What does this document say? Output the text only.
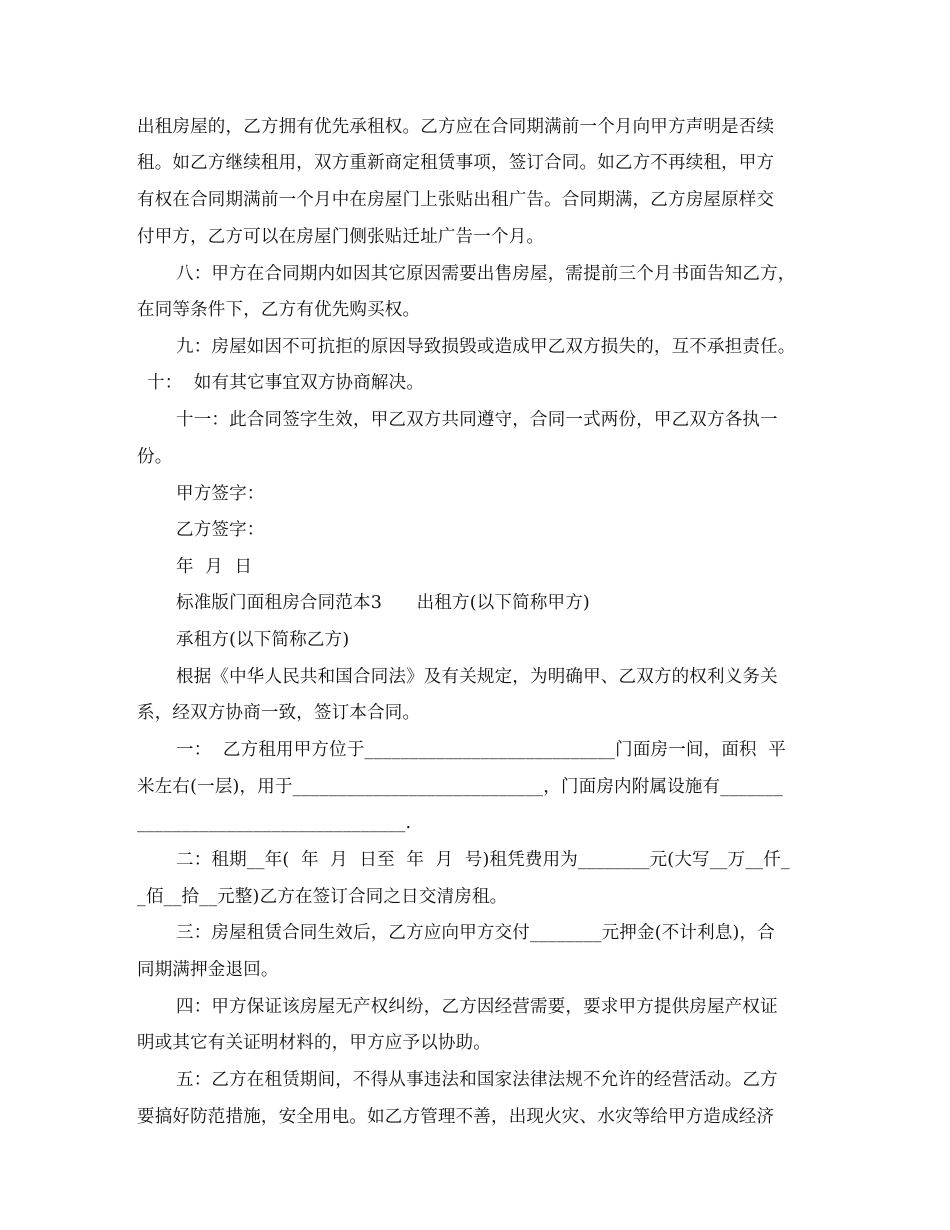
出租房屋的，乙方拥有优先承租权。乙方应在合同期满前一个月向甲方声明是否续
租。如乙方继续租用，双方重新商定租赁事项，签订合同。如乙方不再续租，甲方
有权在合同期满前一个月中在房屋门上张贴出租广告。合同期满，乙方房屋原样交
付甲方，乙方可以在房屋门侧张贴迁址广告一个月。
八：甲方在合同期内如因其它原因需要出售房屋，需提前三个月书面告知乙方，
在同等条件下，乙方有优先购买权。
九：房屋如因不可抗拒的原因导致损毁或造成甲乙双方损失的，互不承担责任。
十：  如有其它事宜双方协商解决。
十一：此合同签字生效，甲乙双方共同遵守，合同一式两份，甲乙双方各执一
份。
甲方签字：
乙方签字：
年  月  日
标准版门面租房合同范本3      出租方(以下简称甲方)
承租方(以下简称乙方)
根据《中华人民共和国合同法》及有关规定，为明确甲、乙双方的权利义务关
系，经双方协商一致，签订本合同。
一：  乙方租用甲方位于____________________________门面房一间，面积  平
米左右(一层)，用于____________________________，门面房内附属设施有_______
______________________________.
二：租期__年(  年  月  日至  年  月  号)租凭费用为________元(大写__万__仟_
_佰__拾__元整)乙方在签订合同之日交清房租。
三：房屋租赁合同生效后，乙方应向甲方交付________元押金(不计利息)，合
同期满押金退回。
四：甲方保证该房屋无产权纠纷，乙方因经营需要，要求甲方提供房屋产权证
明或其它有关证明材料的，甲方应予以协助。
五：乙方在租赁期间，不得从事违法和国家法律法规不允许的经营活动。乙方
要搞好防范措施，安全用电。如乙方管理不善，出现火灾、水灾等给甲方造成经济
